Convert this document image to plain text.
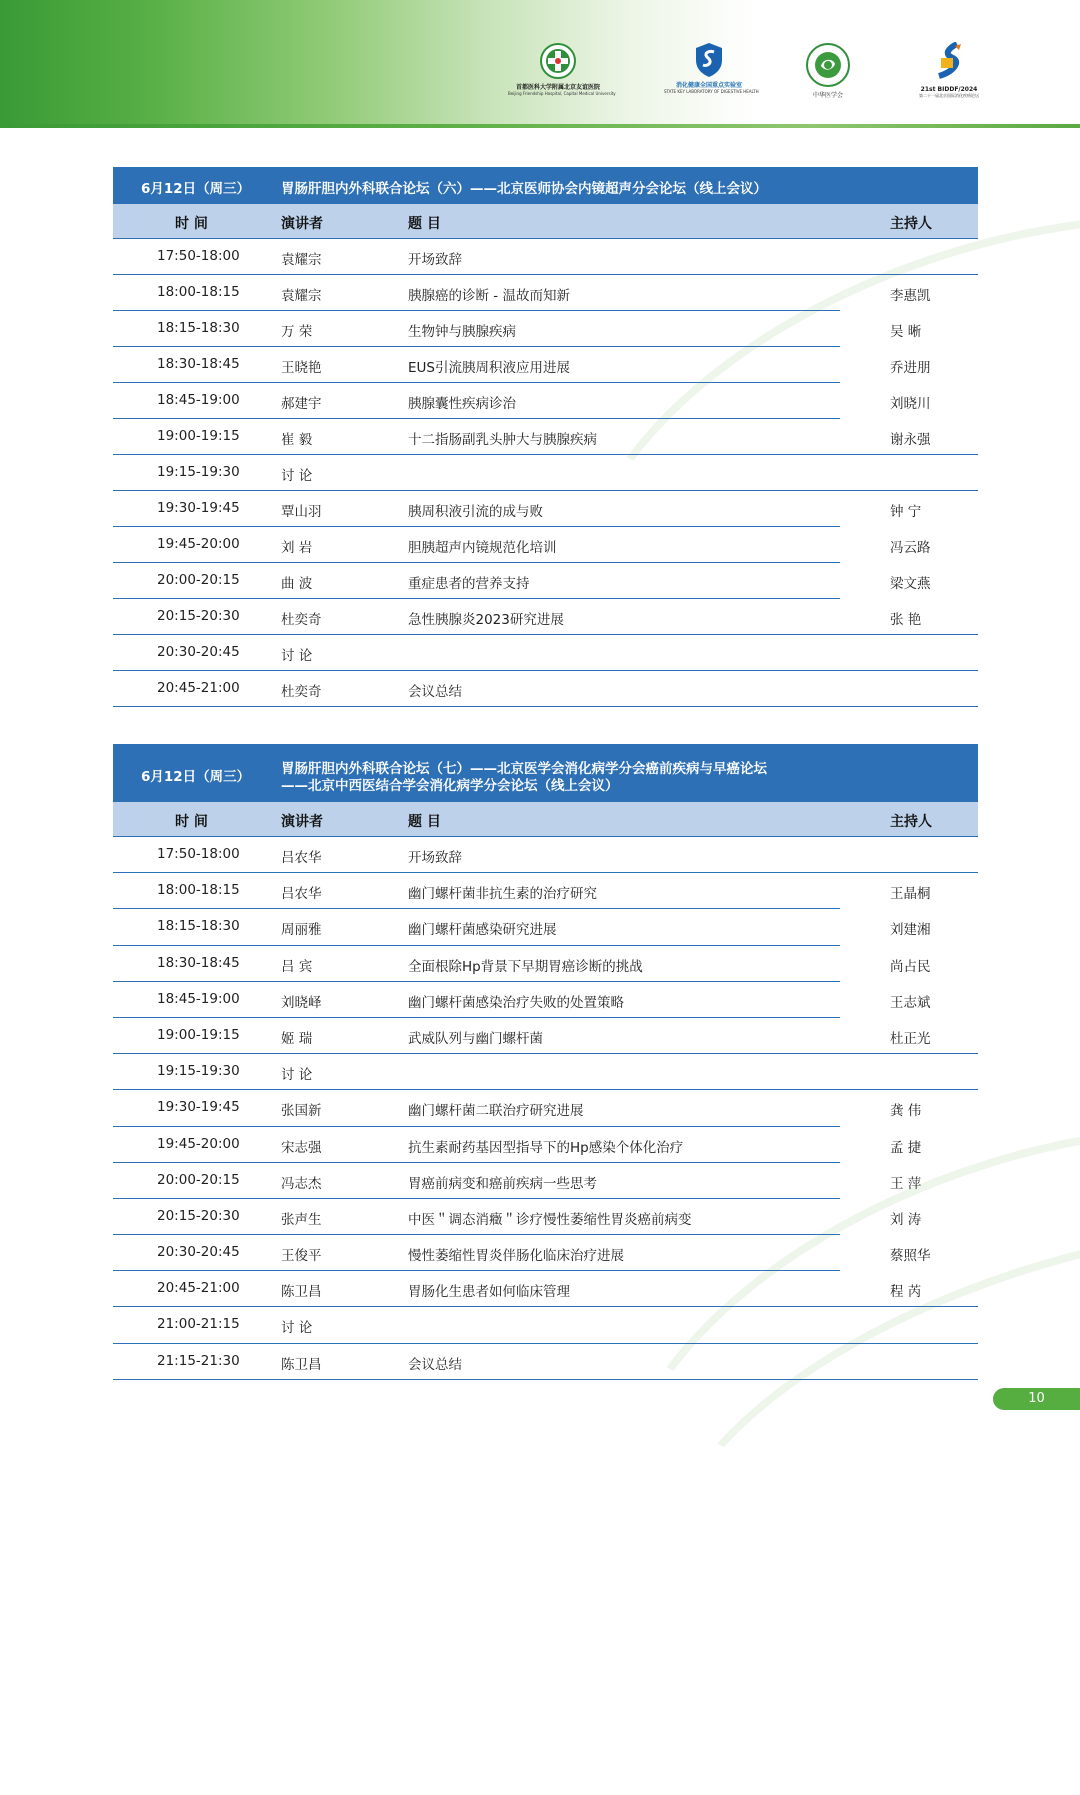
首都医科大学附属北京友谊医院
Beijing Friendship Hospital, Capital Medical University
消化健康全国重点实验室
STATE KEY LABORATORY OF DIGESTIVE HEALTH
中华医学会
21st BIDDF/2024
第二十一届北京国际消化疾病论坛
6月12日（周三） 胃肠肝胆内外科联合论坛（六）——北京医师协会内镜超声分会论坛（线上会议）
时 间	演讲者	题 目	主持人
17:50-18:00	袁耀宗	开场致辞
18:00-18:15	袁耀宗	胰腺癌的诊断 - 温故而知新	李惠凯
18:15-18:30	万 荣	生物钟与胰腺疾病	吴 晰
18:30-18:45	王晓艳	EUS引流胰周积液应用进展	乔进朋
18:45-19:00	郝建宇	胰腺囊性疾病诊治	刘晓川
19:00-19:15	崔 毅	十二指肠副乳头肿大与胰腺疾病	谢永强
19:15-19:30	讨 论
19:30-19:45	覃山羽	胰周积液引流的成与败	钟 宁
19:45-20:00	刘 岩	胆胰超声内镜规范化培训	冯云路
20:00-20:15	曲 波	重症患者的营养支持	梁文燕
20:15-20:30	杜奕奇	急性胰腺炎2023研究进展	张 艳
20:30-20:45	讨 论
20:45-21:00	杜奕奇	会议总结
6月12日（周三） 胃肠肝胆内外科联合论坛（七）——北京医学会消化病学分会癌前疾病与早癌论坛
——北京中西医结合学会消化病学分会论坛（线上会议）
时 间	演讲者	题 目	主持人
17:50-18:00	吕农华	开场致辞
18:00-18:15	吕农华	幽门螺杆菌非抗生素的治疗研究	王晶桐
18:15-18:30	周丽雅	幽门螺杆菌感染研究进展	刘建湘
18:30-18:45	吕 宾	全面根除Hp背景下早期胃癌诊断的挑战	尚占民
18:45-19:00	刘晓峄	幽门螺杆菌感染治疗失败的处置策略	王志斌
19:00-19:15	姬 瑞	武威队列与幽门螺杆菌	杜正光
19:15-19:30	讨 论
19:30-19:45	张国新	幽门螺杆菌二联治疗研究进展	龚 伟
19:45-20:00	宋志强	抗生素耐药基因型指导下的Hp感染个体化治疗	孟 捷
20:00-20:15	冯志杰	胃癌前病变和癌前疾病一些思考	王 萍
20:15-20:30	张声生	中医＂调态消癥＂诊疗慢性萎缩性胃炎癌前病变	刘 涛
20:30-20:45	王俊平	慢性萎缩性胃炎伴肠化临床治疗进展	蔡照华
20:45-21:00	陈卫昌	胃肠化生患者如何临床管理	程 芮
21:00-21:15	讨 论
21:15-21:30	陈卫昌	会议总结
10
